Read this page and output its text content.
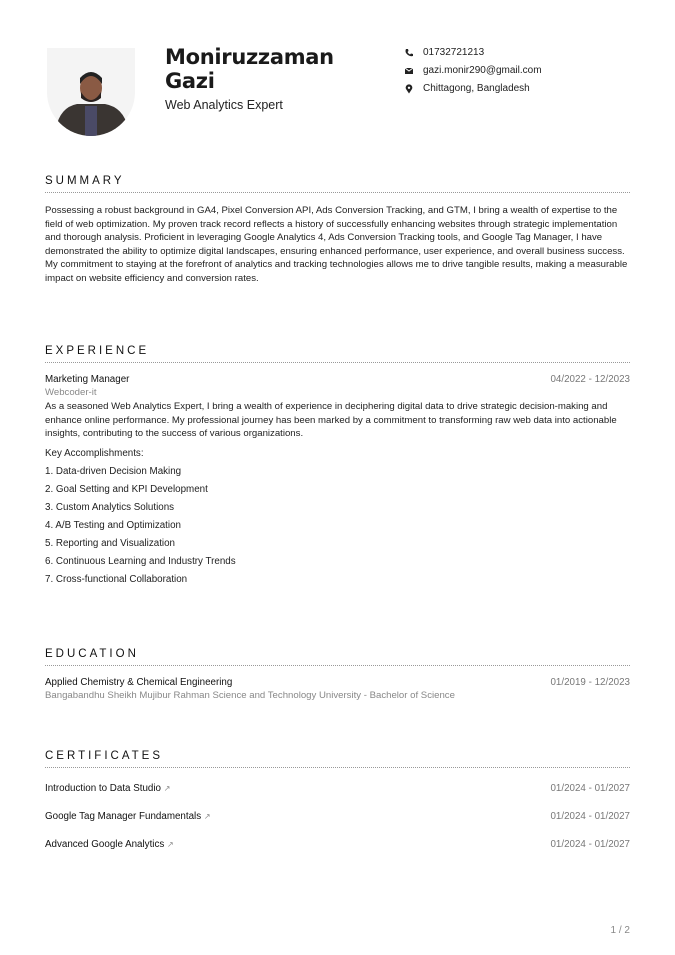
Moniruzzaman
Gazi
Web Analytics Expert
01732721213
gazi.monir290@gmail.com
Chittagong, Bangladesh
SUMMARY
Possessing a robust background in GA4, Pixel Conversion API, Ads Conversion Tracking, and GTM, I bring a wealth of expertise to the field of web optimization. My proven track record reflects a history of successfully enhancing websites through strategic implementation and thorough analysis. Proficient in leveraging Google Analytics 4, Ads Conversion Tracking tools, and Google Tag Manager, I have demonstrated the ability to optimize digital landscapes, ensuring enhanced performance, user experience, and overall business success. My commitment to staying at the forefront of analytics and tracking technologies allows me to drive tangible results, making a measurable impact on website efficiency and conversion rates.
EXPERIENCE
Marketing Manager	04/2022 - 12/2023
Webcoder-it
As a seasoned Web Analytics Expert, I bring a wealth of experience in deciphering digital data to drive strategic decision-making and enhance online performance. My professional journey has been marked by a commitment to transforming raw web data into actionable insights, contributing to the success of various organizations.
Key Accomplishments:
1. Data-driven Decision Making
2. Goal Setting and KPI Development
3. Custom Analytics Solutions
4. A/B Testing and Optimization
5. Reporting and Visualization
6. Continuous Learning and Industry Trends
7. Cross-functional Collaboration
EDUCATION
Applied Chemistry & Chemical Engineering	01/2019 - 12/2023
Bangabandhu Sheikh Mujibur Rahman Science and Technology University - Bachelor of Science
CERTIFICATES
Introduction to Data Studio ↗	01/2024 - 01/2027
Google Tag Manager Fundamentals ↗	01/2024 - 01/2027
Advanced Google Analytics ↗	01/2024 - 01/2027
1 / 2
